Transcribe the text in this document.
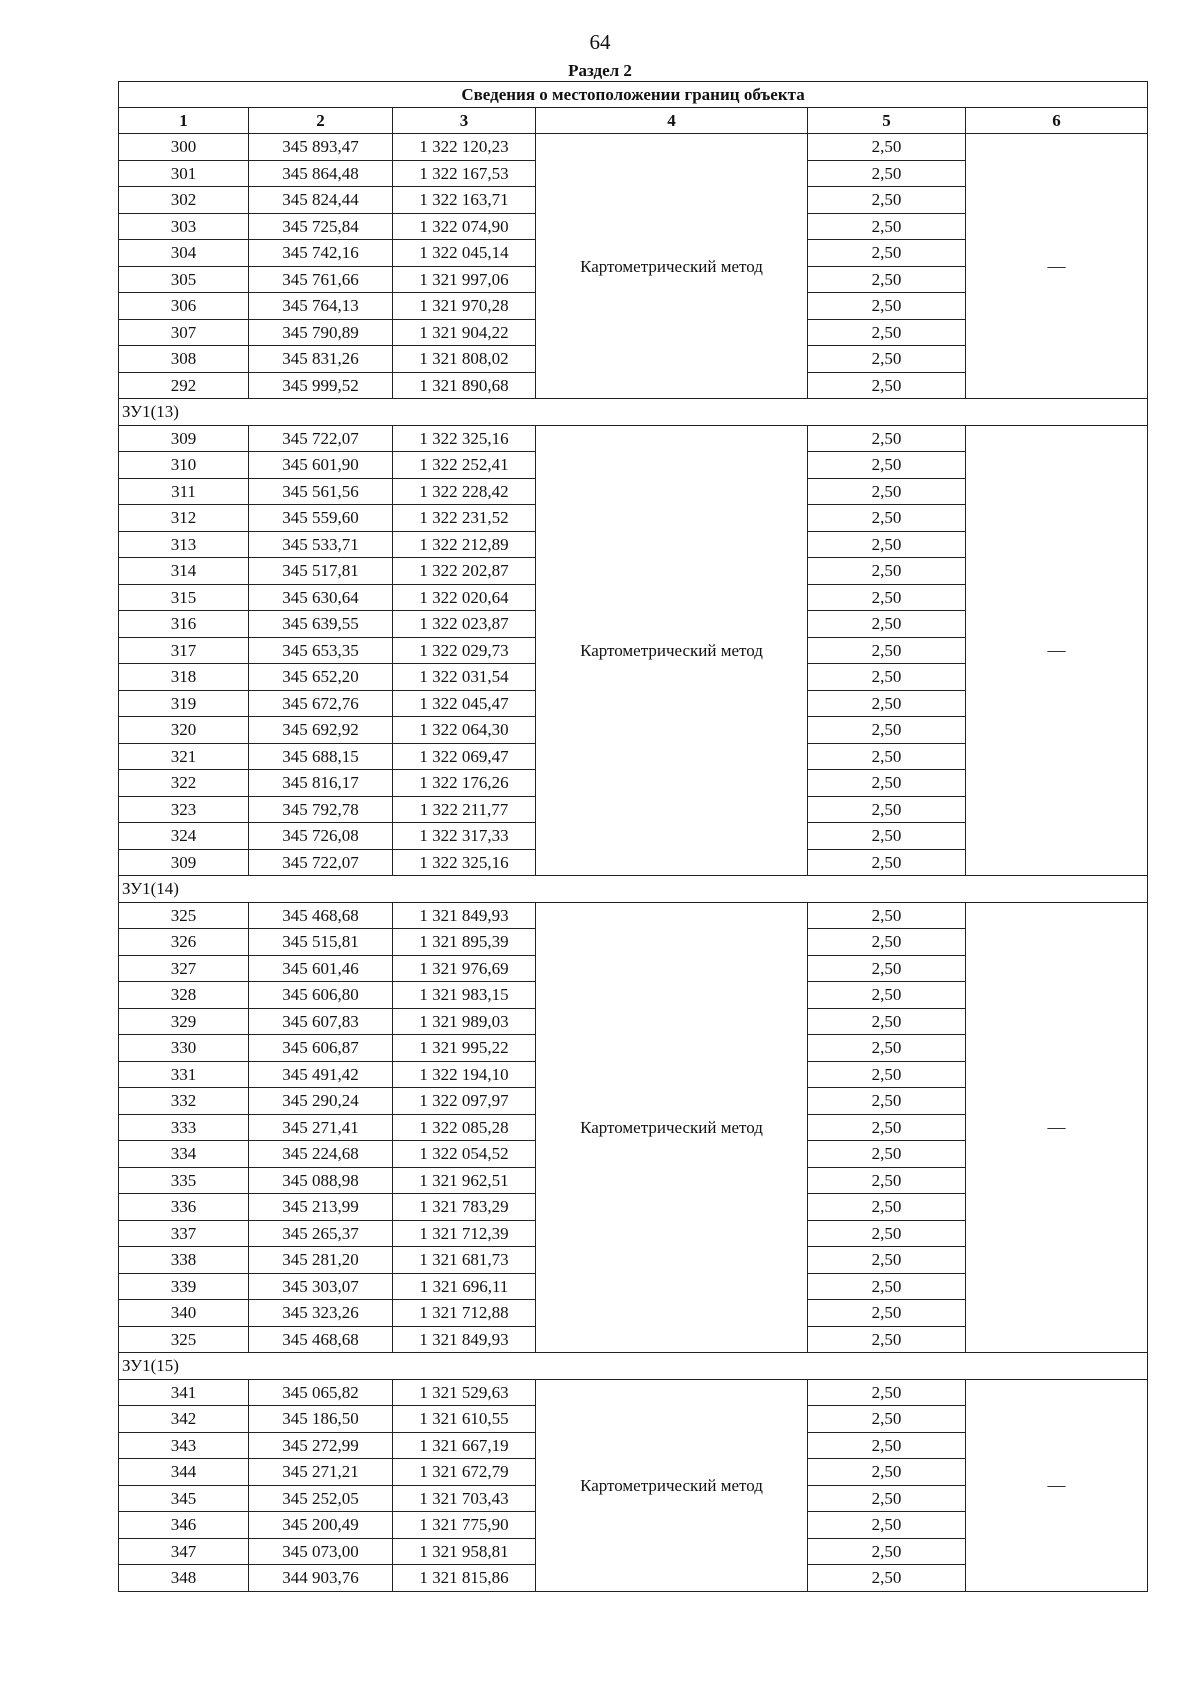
64
Раздел 2
Сведения о местоположении границ объекта					
1	2	3	4	5	6
300	345 893,47	1 322 120,23	Картометрический метод	2,50	—
301	345 864,48	1 322 167,53		2,50	
302	345 824,44	1 322 163,71		2,50	
303	345 725,84	1 322 074,90		2,50	
304	345 742,16	1 322 045,14		2,50	
305	345 761,66	1 321 997,06		2,50	
306	345 764,13	1 321 970,28		2,50	
307	345 790,89	1 321 904,22		2,50	
308	345 831,26	1 321 808,02		2,50	
292	345 999,52	1 321 890,68		2,50	
ЗУ1(13)					
309	345 722,07	1 322 325,16	Картометрический метод	2,50	—
310	345 601,90	1 322 252,41		2,50	
311	345 561,56	1 322 228,42		2,50	
312	345 559,60	1 322 231,52		2,50	
313	345 533,71	1 322 212,89		2,50	
314	345 517,81	1 322 202,87		2,50	
315	345 630,64	1 322 020,64		2,50	
316	345 639,55	1 322 023,87		2,50	
317	345 653,35	1 322 029,73		2,50	
318	345 652,20	1 322 031,54		2,50	
319	345 672,76	1 322 045,47		2,50	
320	345 692,92	1 322 064,30		2,50	
321	345 688,15	1 322 069,47		2,50	
322	345 816,17	1 322 176,26		2,50	
323	345 792,78	1 322 211,77		2,50	
324	345 726,08	1 322 317,33		2,50	
309	345 722,07	1 322 325,16		2,50	
ЗУ1(14)					
325	345 468,68	1 321 849,93	Картометрический метод	2,50	—
326	345 515,81	1 321 895,39		2,50	
327	345 601,46	1 321 976,69		2,50	
328	345 606,80	1 321 983,15		2,50	
329	345 607,83	1 321 989,03		2,50	
330	345 606,87	1 321 995,22		2,50	
331	345 491,42	1 322 194,10		2,50	
332	345 290,24	1 322 097,97		2,50	
333	345 271,41	1 322 085,28		2,50	
334	345 224,68	1 322 054,52		2,50	
335	345 088,98	1 321 962,51		2,50	
336	345 213,99	1 321 783,29		2,50	
337	345 265,37	1 321 712,39		2,50	
338	345 281,20	1 321 681,73		2,50	
339	345 303,07	1 321 696,11		2,50	
340	345 323,26	1 321 712,88		2,50	
325	345 468,68	1 321 849,93		2,50	
ЗУ1(15)					
341	345 065,82	1 321 529,63	Картометрический метод	2,50	—
342	345 186,50	1 321 610,55		2,50	
343	345 272,99	1 321 667,19		2,50	
344	345 271,21	1 321 672,79		2,50	
345	345 252,05	1 321 703,43		2,50	
346	345 200,49	1 321 775,90		2,50	
347	345 073,00	1 321 958,81		2,50	
348	344 903,76	1 321 815,86		2,50	
